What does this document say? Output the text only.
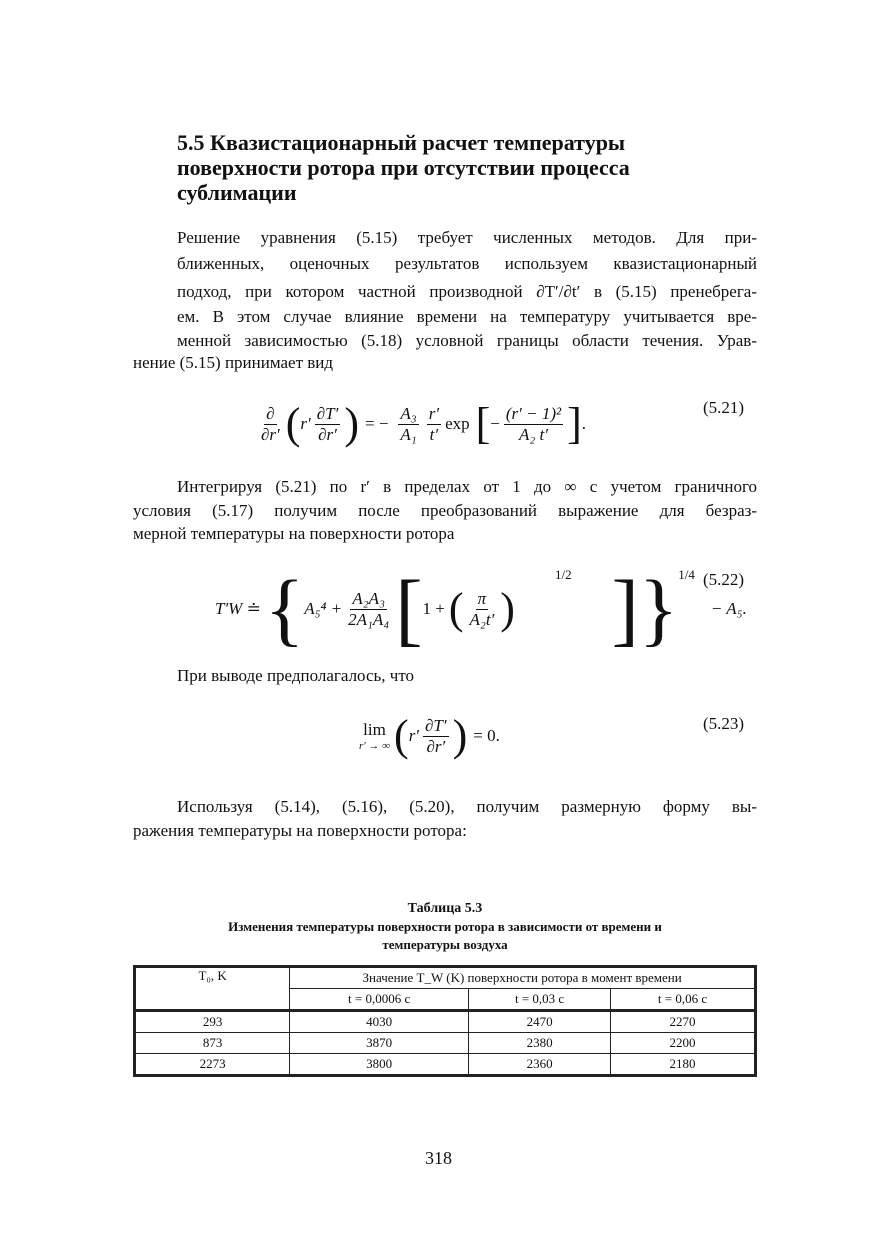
5.5 Квазистационарный расчет температуры
поверхности ротора при отсутствии процесса
сублимации
Решение уравнения (5.15) требует численных методов. Для при-
ближенных, оценочных результатов используем квазистационарный
подход, при котором частной производной ∂T′/∂t′ в (5.15) пренебрега-
ем. В этом случае влияние времени на температуру учитывается вре-
менной зависимостью (5.18) условной границы области течения. Урав-
нение (5.15) принимает вид
$\frac{\partial}{\partial r'}$ ( $r' \frac{\partial T'}{\partial r'}$ ) = − $\frac{\text{A₃}}{\text{A₁}} \frac{r'}{t'}$ exp [ − $\frac{\text{(r′ − 1)²}}{\text{A₂ t′}}$ ] .
(5.21)
Интегрируя (5.21) по r′ в пределах от 1 до ∞ с учетом граничного
условия (5.17) получим после преобразований выражение для безраз-
мерной температуры на поверхности ротора
T′W ≐ { $A_5^4 + \frac{\text{A₂A₃}}{\text{2A₁A₄}}$ [ 1 + ( $\frac{\pi}{\text{A₂t′}}$ )
1/2 ]} 1/4
− A₅.
(5.22)
При выводе предполагалось, что
lim
r′ → ∞ ( $r' \frac{\partial T'}{\partial r'}$ ) = 0.
(5.23)
Используя (5.14), (5.16), (5.20), получим размерную форму вы-
ражения температуры на поверхности ротора:
Таблица 5.3
Изменения температуры поверхности ротора в зависимости от времени и
температуры воздуха
T₀, K	Значение T_W (K) поверхности ротора в момент времени		
	t = 0,0006 с	t = 0,03 с	t = 0,06 с
293	4030	2470	2270
873	3870	2380	2200
2273	3800	2360	2180
318
